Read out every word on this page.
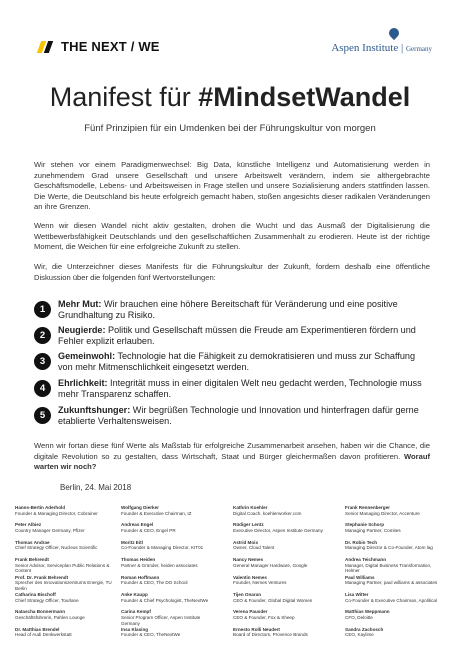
THE NEXT / WE	Aspen Institute | Germany
Manifest für #MindsetWandel
Fünf Prinzipien für ein Umdenken bei der Führungskultur von morgen
Wir stehen vor einem Paradigmenwechsel: Big Data, künstliche Intelligenz und Automatisierung werden in zunehmendem Grad unsere Gesellschaft und unsere Arbeitswelt verändern, indem sie althergebrachte Geschäftsmodelle, Lebens- und Arbeitsweisen in Frage stellen und unsere Sozialisierung anders stattfinden lassen. Die Werte, die Deutschland bis heute erfolgreich gemacht haben, stoßen angesichts dieser radikalen Veränderungen an ihre Grenzen.
Wenn wir diesen Wandel nicht aktiv gestalten, drohen die Wucht und das Ausmaß der Digitalisierung die Wettbewerbsfähigkeit Deutschlands und den gesellschaftlichen Zusammenhalt zu erodieren. Heute ist der richtige Moment, die Weichen für eine erfolgreiche Zukunft zu stellen.
Wir, die Unterzeichner dieses Manifests für die Führungskultur der Zukunft, fordern deshalb eine öffentliche Diskussion über die folgenden fünf Wertvorstellungen:
1	Mehr Mut: Wir brauchen eine höhere Bereitschaft für Veränderung und eine positive Grundhaltung zu Risiko.
2	Neugierde: Politik und Gesellschaft müssen die Freude am Experimentieren fördern und Fehler explizit erlauben.
3	Gemeinwohl: Technologie hat die Fähigkeit zu demokratisieren und muss zur Schaffung von mehr Mitmenschlichkeit eingesetzt werden.
4	Ehrlichkeit: Integrität muss in einer digitalen Welt neu gedacht werden, Technologie muss mehr Transparenz schaffen.
5	Zukunftshunger: Wir begrüßen Technologie und Innovation und hinterfragen dafür gerne etablierte Verhaltensweisen.
Wenn wir fortan diese fünf Werte als Maßstab für erfolgreiche Zusammenarbeit ansehen, haben wir die Chance, die digitale Revolution so zu gestalten, dass Wirtschaft, Staat und Bürger gleichermaßen davon profitieren. Worauf warten wir noch?
Berlin, 24. Mai 2018
Hanns-Bertin Aderhold
Founder & Managing Director, Cobrainer
Peter Albiez
Country Manager Germany, Pfizer
Thomas Andrae
Chief Strategy Officer, Nucleus Scientific
Frank Behrendt
Senior Advisor, Serviceplan Public Relations & Content
Prof. Dr. Frank Behrendt
Sprecher des Innovationszentrums Energie, TU Berlin
Catharina Bischoff
Chief Strategy Officer, Tourlane
Natascha Bonnermann
Geschäftsführerin, Pahlen Lounge
Dr. Matthias Brendel
Head of Audi Denkwerkstatt
Wolfgang Dierker
Founder & Executive Chairman, IZ
Andreas Engel
Founder & CEO, Engel PR
Moritz Eitl
Co-Founder & Managing Director, KIT01
Thomas Heiden
Partner & Gründer, heiden associates
Roman Hoffmann
Founder & CEO, The DO School
Anke Kaupp
Founder & Chief Psychologist, TheNextWe
Carina Kempf
Senior Program Officer, Aspen Institute Germany
Insa Klasing
Founder & CEO, TheNextWe
Kathrin Koehler
Digital Coach, koehlerworker.com
Rüdiger Lentz
Executive Director, Aspen Institute Germany
Astrid Moix
Owner, Cloud Talent
Nancy Nemes
General Manager Hardware, Google
Valentin Nemes
Founder, Nemes Ventures
Tijen Onaran
CEO & Founder, Global Digital Women
Verena Pausder
CEO & Founder, Fox & Sheep
Ernesto Rolli Neudert
Board of Directors, Provence Brands
Frank Rennenberger
Senior Managing Director, Accenture
Stephanie Schorp
Managing Partner, Comites
Dr. Robin Tech
Managing Director & Co-Founder, Atom lag
Andrea Teichmann
Manager, Digital Business Transformation, Helmer
Paul Williams
Managing Partner, paul williams & associates
Lisa Witter
Co-Founder & Executive Chairman, Apolitical
Matthias Weppmann
CFO, Deloitte
Sandra Zachosch
CEO, Kaylime
